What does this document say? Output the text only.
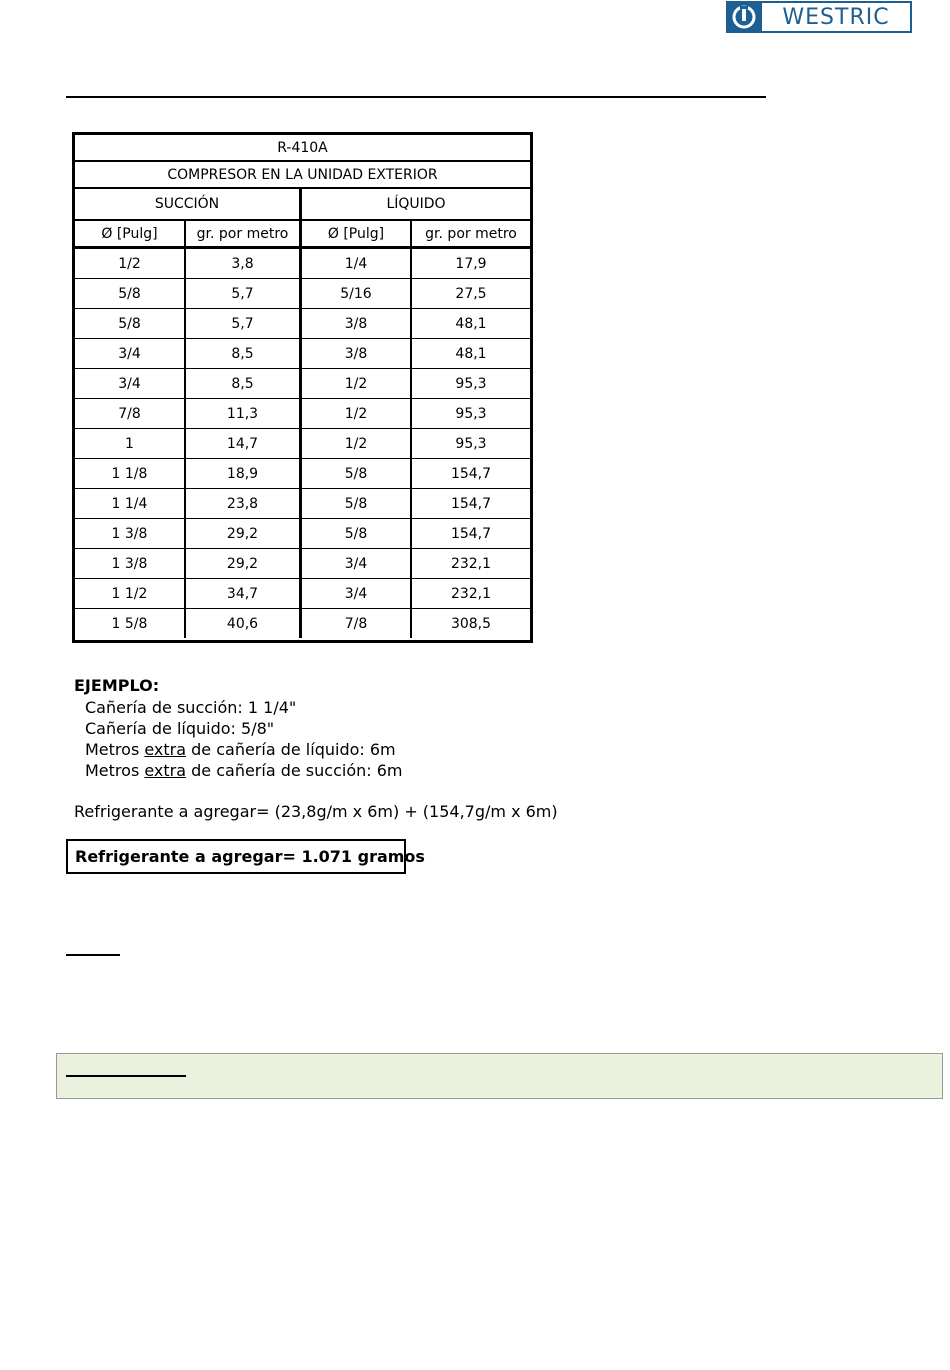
WESTRIC
R-410A			
COMPRESOR EN LA UNIDAD EXTERIOR			
SUCCIÓN		LÍQUIDO	
Ø [Pulg]	gr. por metro	Ø [Pulg]	gr. por metro
1/2	3,8	1/4	17,9
5/8	5,7	5/16	27,5
5/8	5,7	3/8	48,1
3/4	8,5	3/8	48,1
3/4	8,5	1/2	95,3
7/8	11,3	1/2	95,3
1	14,7	1/2	95,3
1 1/8	18,9	5/8	154,7
1 1/4	23,8	5/8	154,7
1 3/8	29,2	5/8	154,7
1 3/8	29,2	3/4	232,1
1 1/2	34,7	3/4	232,1
1 5/8	40,6	7/8	308,5
EJEMPLO:
Cañería de succión: 1 1/4"
Cañería de líquido: 5/8"
Metros extra de cañería de líquido: 6m
Metros extra de cañería de succión: 6m
Refrigerante a agregar= (23,8g/m x 6m) + (154,7g/m x 6m)
Refrigerante a agregar= 1.071 gramos
